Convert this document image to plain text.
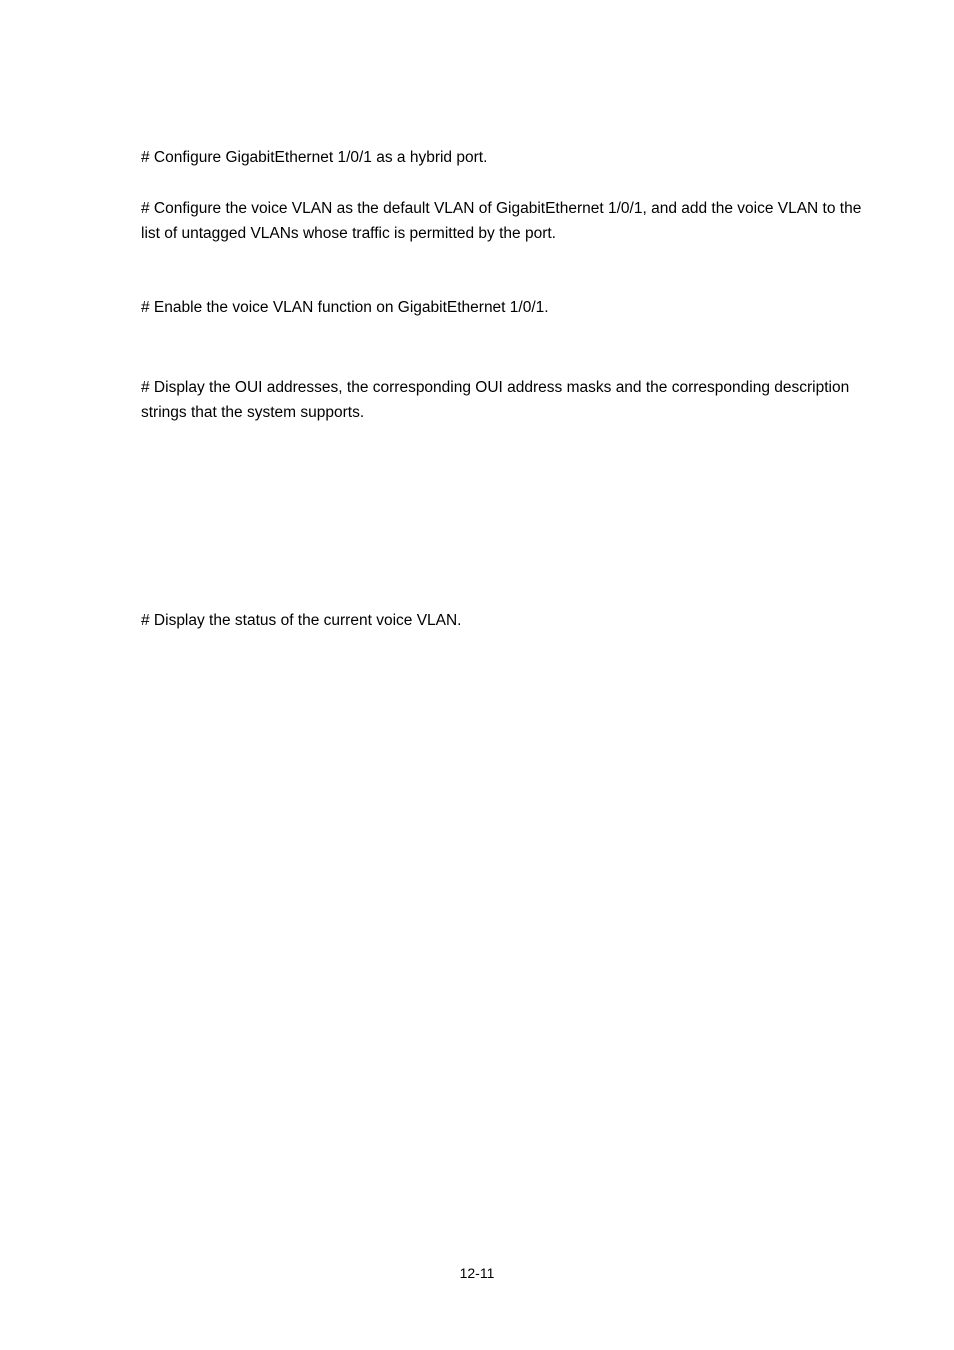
# Configure GigabitEthernet 1/0/1 as a hybrid port.

# Configure the voice VLAN as the default VLAN of GigabitEthernet 1/0/1, and add the voice VLAN to the list of untagged VLANs whose traffic is permitted by the port.

# Enable the voice VLAN function on GigabitEthernet 1/0/1.

# Display the OUI addresses, the corresponding OUI address masks and the corresponding description strings that the system supports.

# Display the status of the current voice VLAN.

12-11
